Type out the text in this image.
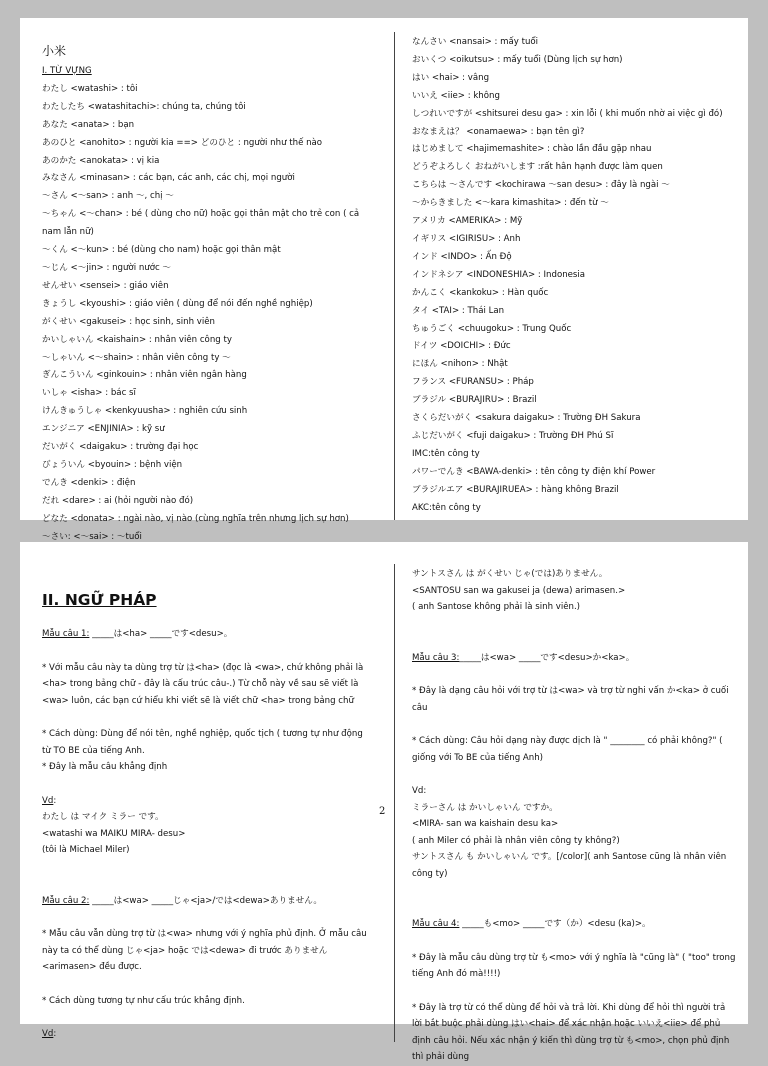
小米
I. TỪ VỰNG
わたし <watashi> : tôi
わたしたち <watashitachi>: chúng ta, chúng tôi
あなた <anata> : bạn
あのひと <anohito> : người kia ==> どのひと : người như thế nào
あのかた <anokata> : vị kia
みなさん <minasan> : các bạn, các anh, các chị, mọi người
～さん <～san> : anh ～, chị ～
～ちゃん <～chan> : bé ( dùng cho nữ) hoặc gọi thân mật cho trẻ con ( cả nam lẫn nữ)
～くん <～kun> : bé (dùng cho nam) hoặc gọi thân mật
～じん <～jin> : người nước ～
せんせい <sensei> : giáo viên
きょうし <kyoushi> : giáo viên ( dùng để nói đến nghề nghiệp)
がくせい <gakusei> : học sinh, sinh viên
かいしゃいん <kaishain> : nhân viên công ty
～しゃいん <～shain> : nhân viên công ty ～
ぎんこういん <ginkouin> : nhân viên ngân hàng
いしゃ <isha> : bác sĩ
けんきゅうしゃ <kenkyuusha> : nghiên cứu sinh
エンジニア <ENJINIA> : kỹ sư
だいがく <daigaku> : trường đại học
びょういん <byouin> : bệnh viện
でんき <denki> : điện
だれ <dare> : ai (hỏi người nào đó)
どなた <donata> : ngài nào, vị nào (cùng nghĩa trên nhưng lịch sự hơn)
～さい: <～sai> : ～tuổi
なんさい <nansai> : mấy tuổi
おいくつ <oikutsu> : mấy tuổi (Dùng lịch sự hơn)
はい <hai> : vâng
いいえ <iie> : không
しつれいですが <shitsurei desu ga> : xin lỗi ( khi muốn nhờ ai việc gì đó)
おなまえは？ <onamaewa> : bạn tên gì?
はじめまして <hajimemashite> : chào lần đầu gặp nhau
どうぞよろしく おねがいします :rất hân hạnh được làm quen
こちらは ～さんです <kochirawa ～san desu> : đây là ngài ～
～からきました <～kara kimashita> : đến từ ～
アメリカ <AMERIKA> : Mỹ
イギリス <IGIRISU> : Anh
インド <INDO> : Ấn Độ
インドネシア <INDONESHIA> : Indonesia
かんこく <kankoku> : Hàn quốc
タイ <TAI> : Thái Lan
ちゅうごく <chuugoku> : Trung Quốc
ドイツ <DOICHI> : Đức
にほん <nihon> : Nhật
フランス <FURANSU> : Pháp
ブラジル <BURAJIRU> : Brazil
さくらだいがく <sakura daigaku> : Trường ĐH Sakura
ふじだいがく <fuji daigaku> : Trường ĐH Phú Sĩ
IMC:tên công ty
パワーでんき <BAWA-denki> : tên công ty điện khí Power
ブラジルエア <BURAJIRUEA> : hàng không Brazil
AKC:tên công ty
II. NGỮ PHÁP
Mẫu câu 1: _____は<ha> _____です<desu>。
* Với mẫu câu này ta dùng trợ từ は<ha> (đọc là <wa>, chứ không phải là <ha> trong bảng chữ - đây là cấu trúc câu-.) Từ chỗ này về sau sẽ viết là <wa> luôn, các bạn cứ hiểu khi viết sẽ là viết chữ <ha> trong bảng chữ
* Cách dùng: Dùng để nói tên, nghề nghiệp, quốc tịch ( tương tự như động từ TO BE của tiếng Anh.
* Đây là mẫu câu khẳng định
Vd:
わたし は マイク ミラー です。
<watashi wa MAIKU MIRA- desu>
(tôi là Michael Miler)
Mẫu câu 2: _____は<wa> _____じゃ<ja>/では<dewa>ありません。
* Mẫu câu vẫn dùng trợ từ は<wa> nhưng với ý nghĩa phủ định. Ở mẫu câu này ta có thể dùng じゃ<ja> hoặc では<dewa> đi trước ありません<arimasen> đều được.
* Cách dùng tương tự như cấu trúc khẳng định.
Vd:
2
サントスさん は がくせい じゃ(では)ありません。
<SANTOSU san wa gakusei ja (dewa) arimasen.>
( anh Santose không phải là sinh viên.)
Mẫu câu 3:_____は<wa> _____です<desu>か<ka>。
* Đây là dạng câu hỏi với trợ từ は<wa> và trợ từ nghi vấn か<ka> ở cuối câu
* Cách dùng: Câu hỏi dạng này được dịch là " ________ có phải không?" ( giống với To BE của tiếng Anh)
Vd:
ミラーさん は かいしゃいん ですか。
<MIRA- san wa kaishain desu ka>
( anh Miler có phải là nhân viên công ty không?)
サントスさん も かいしゃいん です。[/color]( anh Santose cũng là nhân viên công ty)
Mẫu câu 4: _____も<mo> _____です（か）<desu (ka)>。
* Đây là mẫu câu dùng trợ từ も<mo> với ý nghĩa là "cũng là" ( "too" trong tiếng Anh đó mà!!!!)
* Đây là trợ từ có thể dùng để hỏi và trả lời. Khi dùng để hỏi thì người trả lời bắt buộc phải dùng はい<hai> để xác nhận hoặc いいえ<iie> để phủ định câu hỏi. Nếu xác nhận ý kiến thì dùng trợ từ も<mo>, chọn phủ định thì phải dùng
